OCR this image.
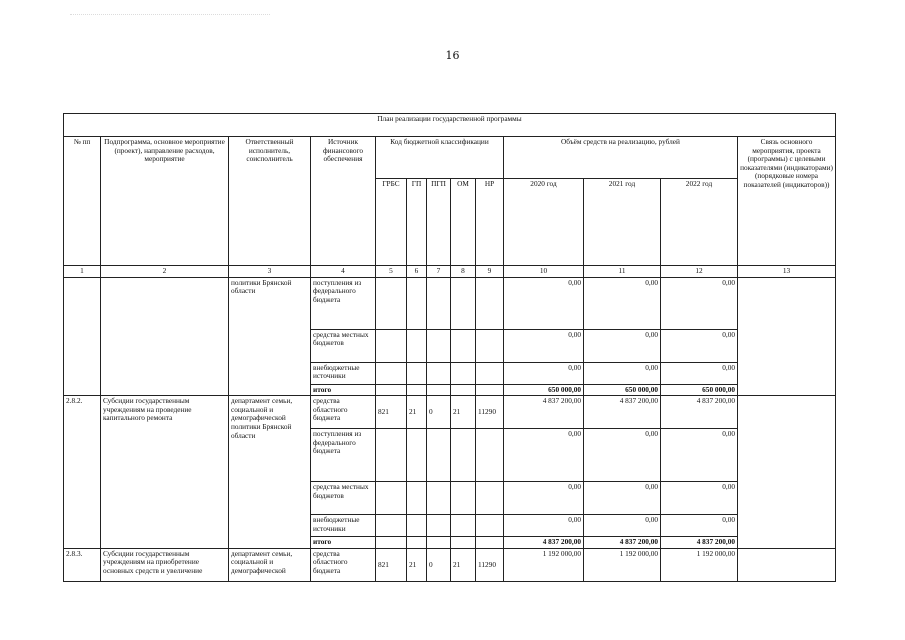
16
План реализации государственной программы												
№ пп	Подпрограмма, основное мероприятие (проект), направление расходов, мероприятие	Ответственный исполнитель, соисполнитель	Источник финансового обеспечения	Код бюджетной классификации					Объём средств на реализацию, рублей			Связь основного мероприятия, проекта (программы) с целевыми показателями (индикаторами) (порядковые номера показателей (индикаторов))
				ГРБС	ГП	ПГП	ОМ	НР	2020 год	2021 год	2022 год	
1	2	3	4	5	6	7	8	9	10	11	12	13
		политики Брянской области	поступления из федерального бюджета						0,00	0,00	0,00	
			средства местных бюджетов						0,00	0,00	0,00	
			внебюджетные источники						0,00	0,00	0,00	
			итого						650 000,00	650 000,00	650 000,00	
2.8.2.	Субсидии государственным учреждениям на проведение капитального ремонта	департамент семьи, социальной и демографической политики Брянской области	средства областного бюджета	821	21	0	21	11290	4 837 200,00	4 837 200,00	4 837 200,00	
			поступления из федерального бюджета						0,00	0,00	0,00	
			средства местных бюджетов						0,00	0,00	0,00	
			внебюджетные источники						0,00	0,00	0,00	
			итого						4 837 200,00	4 837 200,00	4 837 200,00	
2.8.3.	Субсидии государственным учреждениям на приобретение основных средств и увеличение	департамент семьи, социальной и демографической	средства областного бюджета	821	21	0	21	11290	1 192 000,00	1 192 000,00	1 192 000,00	
